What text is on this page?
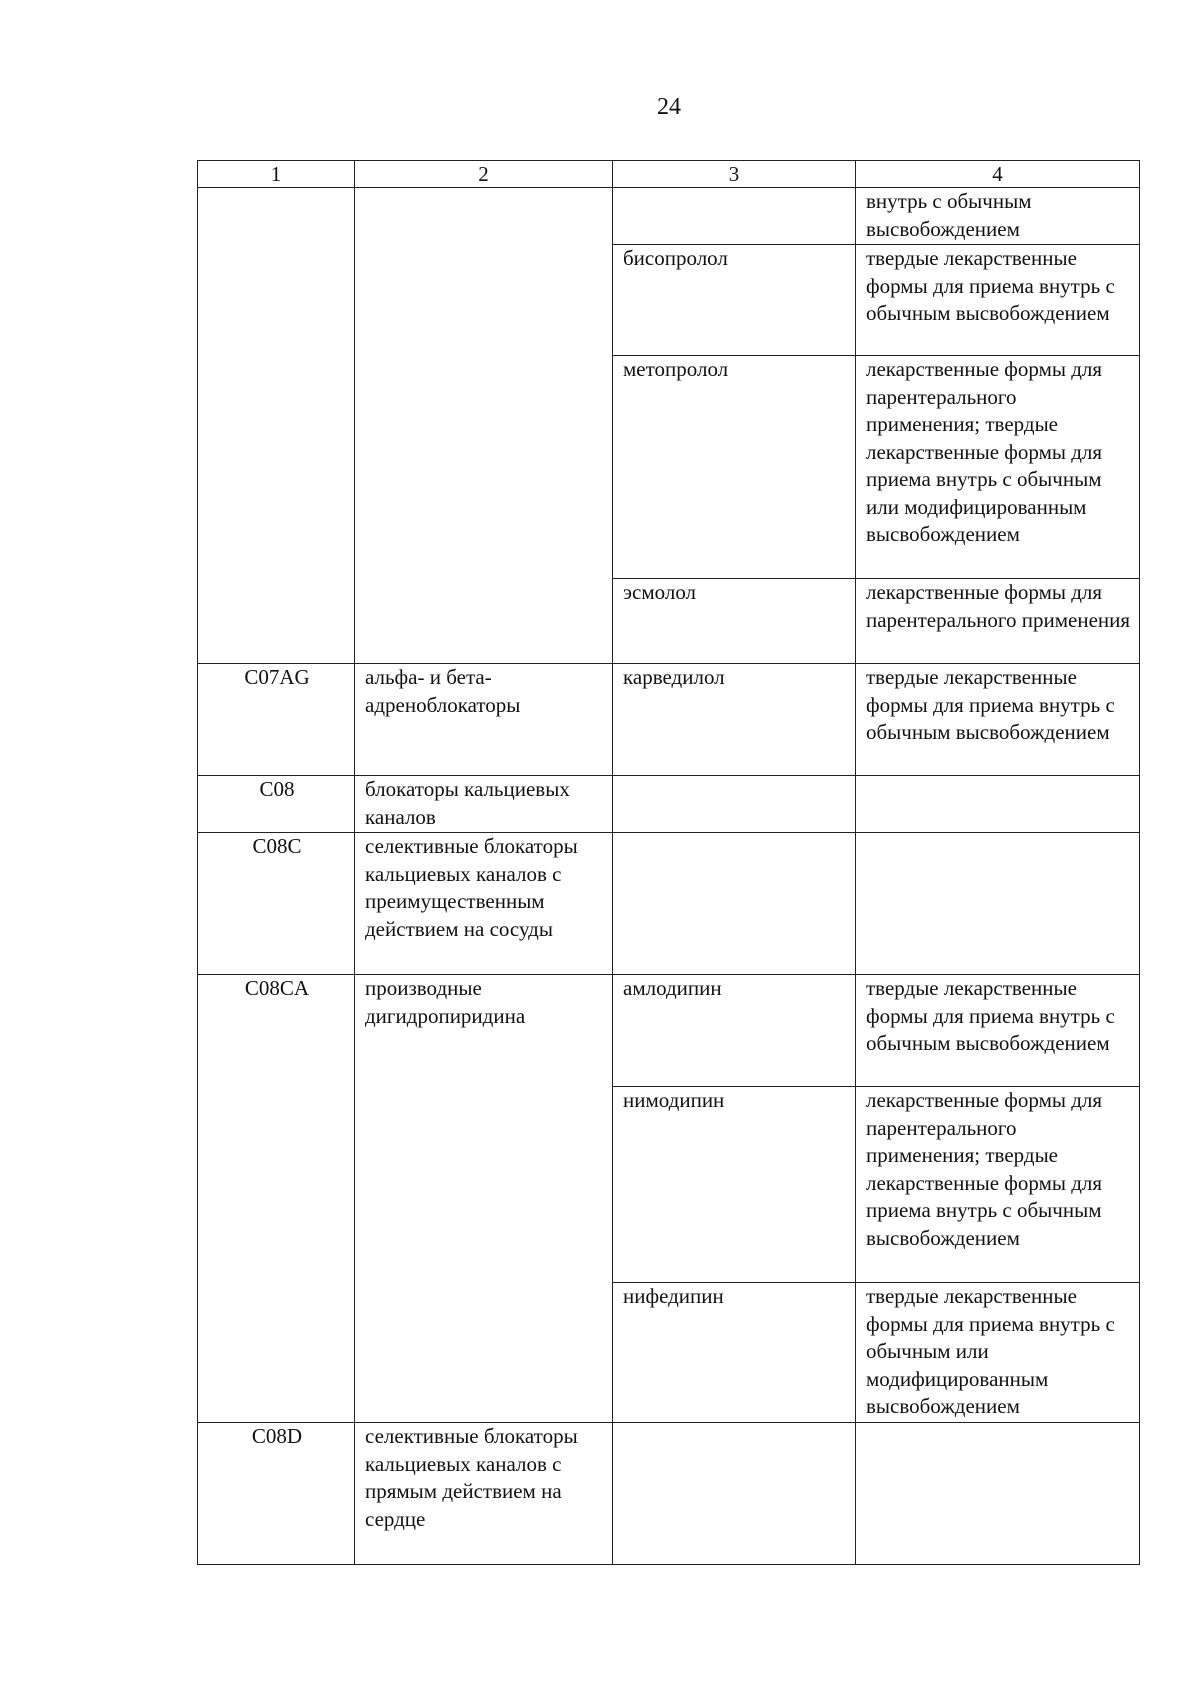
24
1	2	3	4
			внутрь с обычным высвобождением
		бисопролол	твердые лекарственные формы для приема внутрь с обычным высвобождением
		метопролол	лекарственные формы для парентерального применения; твердые лекарственные формы для приема внутрь с обычным или модифицированным высвобождением
		эсмолол	лекарственные формы для парентерального применения
C07AG	альфа- и бета-адреноблокаторы	карведилол	твердые лекарственные формы для приема внутрь с обычным высвобождением
C08	блокаторы кальциевых каналов		
C08C	селективные блокаторы кальциевых каналов с преимущественным действием на сосуды		
C08CA	производные дигидропиридина	амлодипин	твердые лекарственные формы для приема внутрь с обычным высвобождением
		нимодипин	лекарственные формы для парентерального применения; твердые лекарственные формы для приема внутрь с обычным высвобождением
		нифедипин	твердые лекарственные формы для приема внутрь с обычным или модифицированным высвобождением
C08D	селективные блокаторы кальциевых каналов с прямым действием на сердце		
